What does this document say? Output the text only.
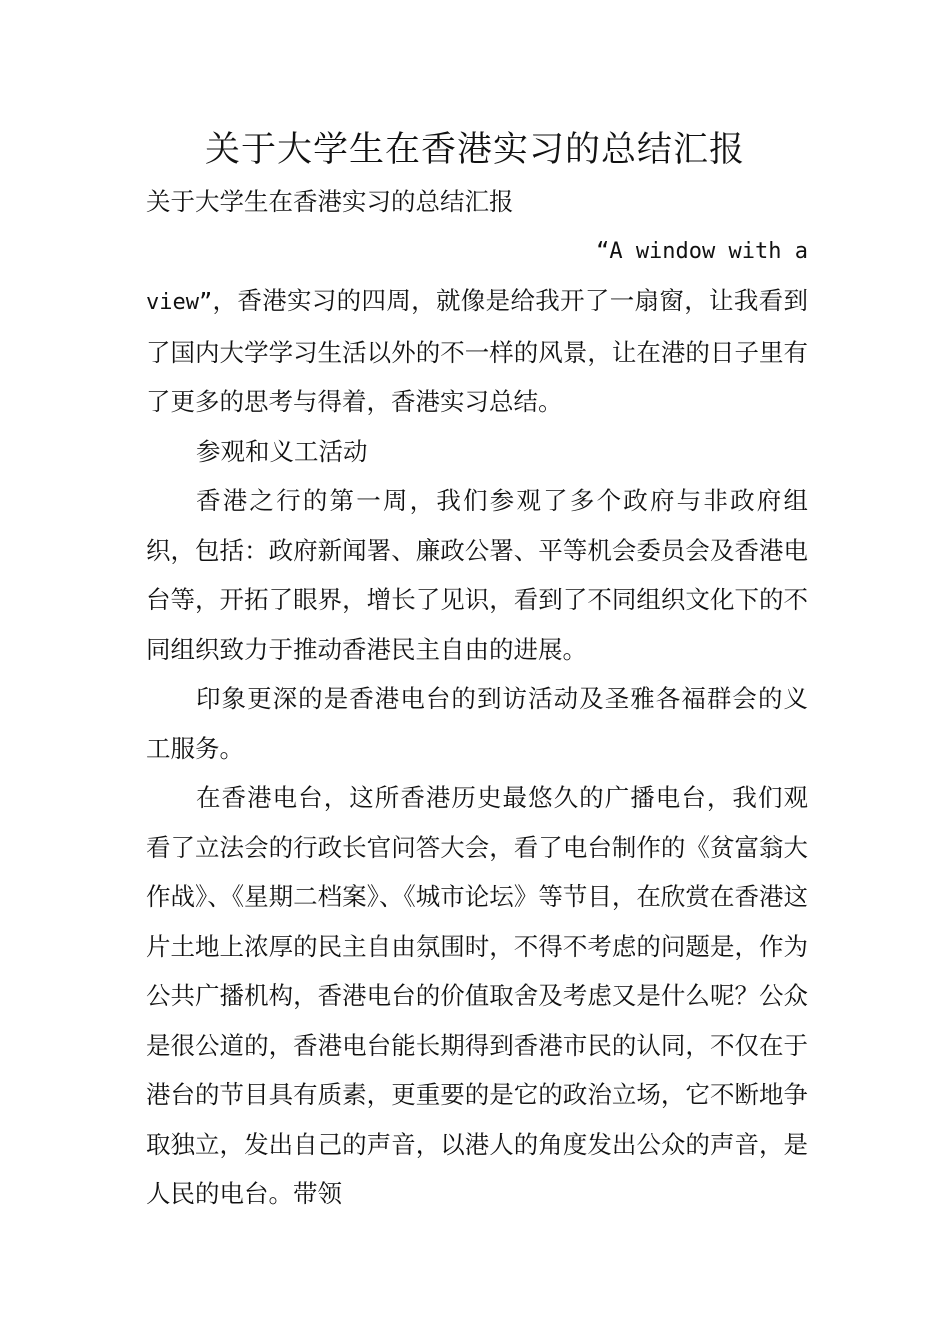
关于大学生在香港实习的总结汇报

关于大学生在香港实习的总结汇报

“A window with a

view”，香港实习的四周，就像是给我开了一扇窗，让我看到了国内大学学习生活以外的不一样的风景，让在港的日子里有了更多的思考与得着，香港实习总结。

参观和义工活动

香港之行的第一周，我们参观了多个政府与非政府组织，包括：政府新闻署、廉政公署、平等机会委员会及香港电台等，开拓了眼界，增长了见识，看到了不同组织文化下的不同组织致力于推动香港民主自由的进展。

印象更深的是香港电台的到访活动及圣雅各福群会的义工服务。

在香港电台，这所香港历史最悠久的广播电台，我们观看了立法会的行政长官问答大会，看了电台制作的《贫富翁大作战》、《星期二档案》、《城市论坛》等节目，在欣赏在香港这片土地上浓厚的民主自由氛围时，不得不考虑的问题是，作为公共广播机构，香港电台的价值取舍及考虑又是什么呢？公众是很公道的，香港电台能长期得到香港市民的认同，不仅在于港台的节目具有质素，更重要的是它的政治立场，它不断地争取独立，发出自己的声音，以港人的角度发出公众的声音，是人民的电台。带领
